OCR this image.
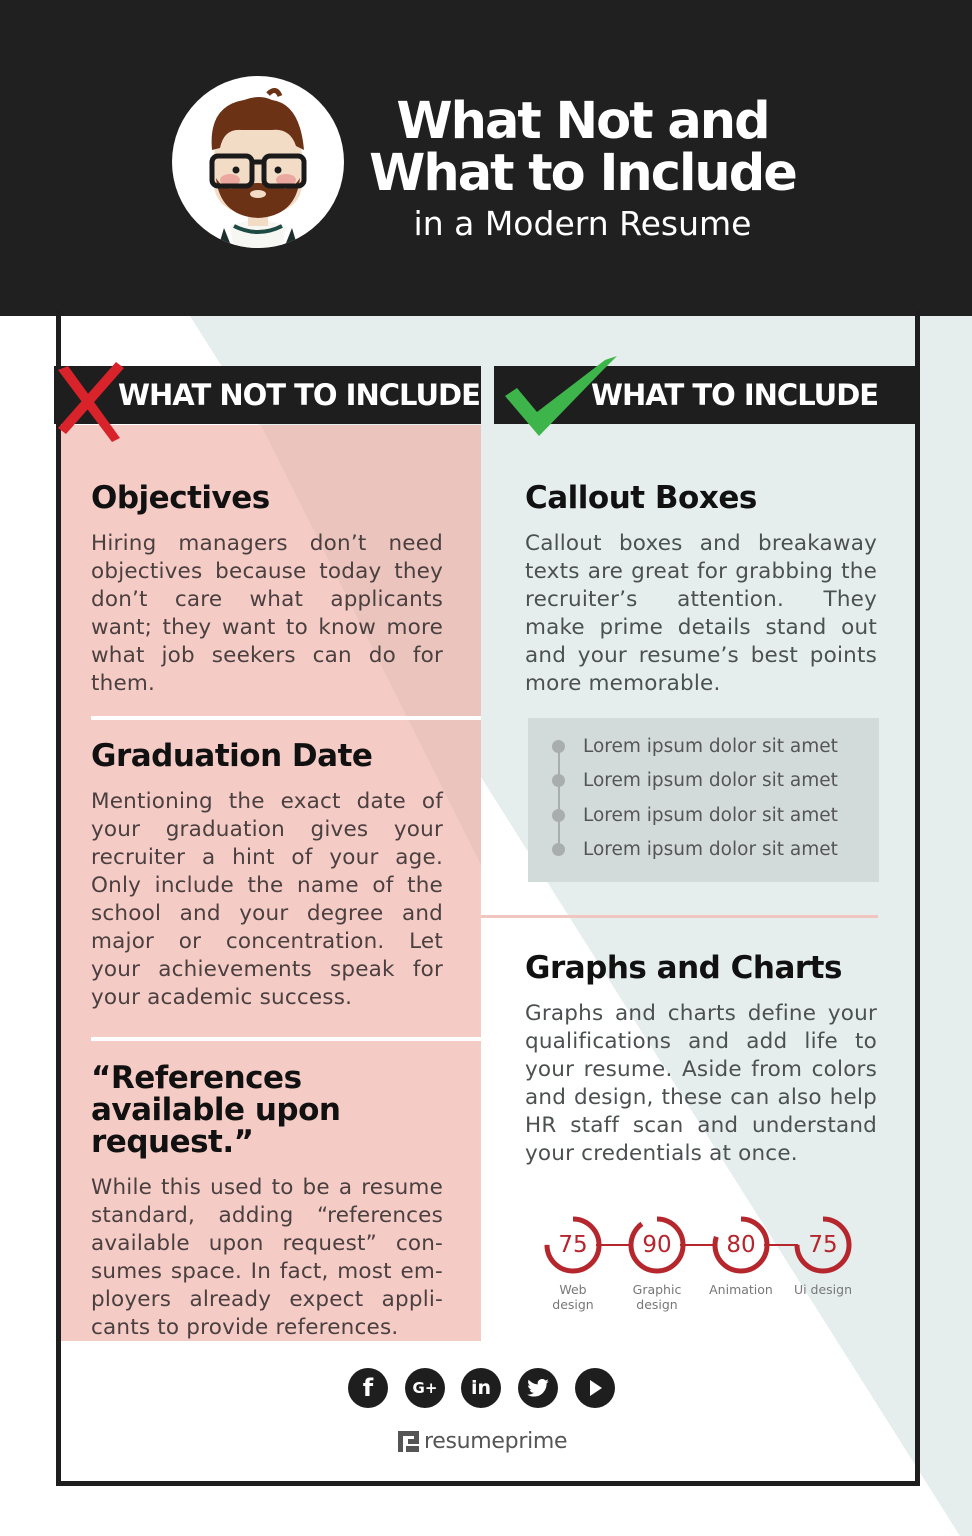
What Not and
What to Include
in a Modern Resume
WHAT NOT TO INCLUDE	WHAT TO INCLUDE
Objectives
Hiring managers don’t need objectives because today they don’t care what applicants want; they want to know more what job seekers can do for them.
Graduation Date
Mentioning the exact date of your graduation gives your recruiter a hint of your age. Only include the name of the school and your degree and major or concentration. Let your achievements speak for your academic success.
“References available upon request.”
While this used to be a resume standard, adding “references available upon request” con-sumes space. In fact, most em-ployers already expect appli-cants to provide references.
Callout Boxes
Callout boxes and breakaway texts are great for grabbing the recruiter’s attention. They make prime details stand out and your resume’s best points more memorable.
Lorem ipsum dolor sit amet
Lorem ipsum dolor sit amet
Lorem ipsum dolor sit amet
Lorem ipsum dolor sit amet
Graphs and Charts
Graphs and charts define your qualifications and add life to your resume. Aside from colors and design, these can also help HR staff scan and understand your credentials at once.
75	90	80	75
Web
design
Graphic
design
Animation	Ui design
f	G+ in
resumeprime
